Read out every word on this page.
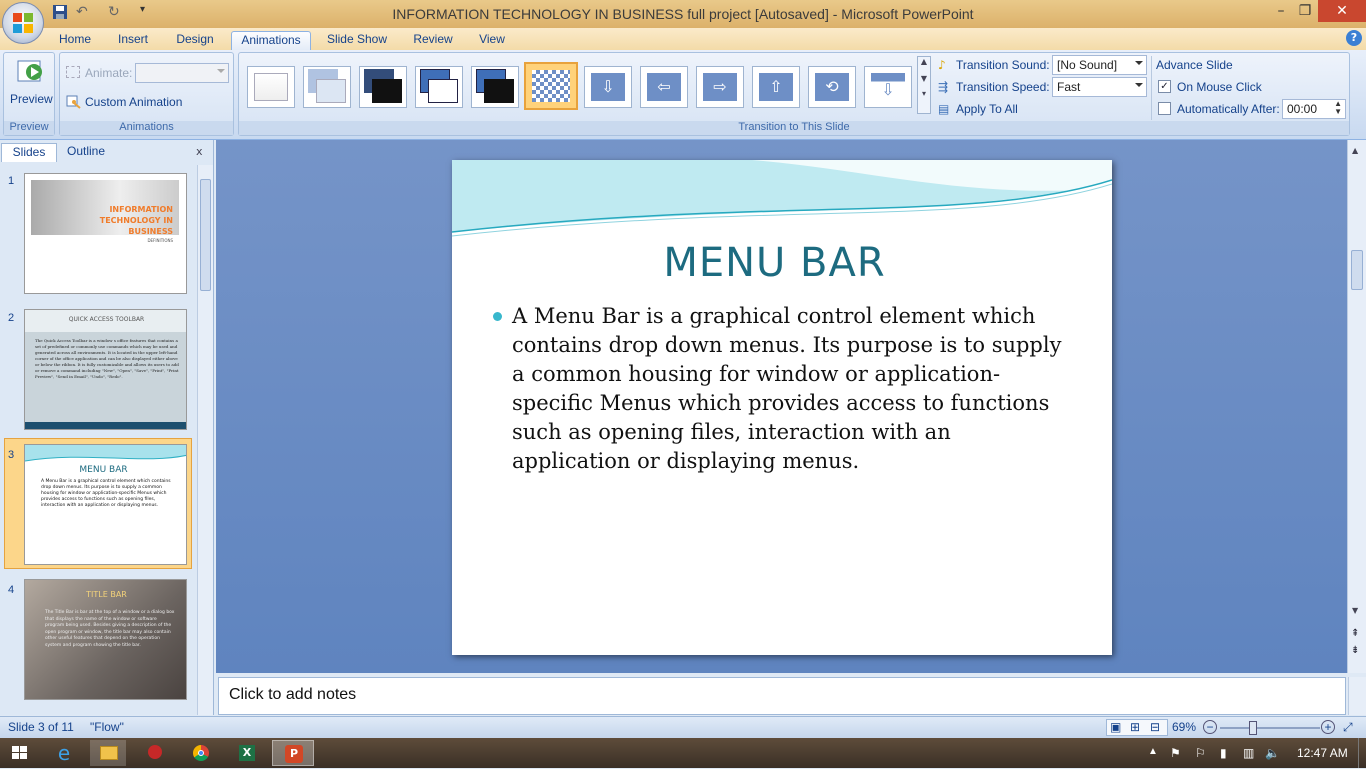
INFORMATION TECHNOLOGY IN BUSINESS full project [Autosaved] - Microsoft PowerPoint
↶	↻	▾	–	❐	✕
Home	Insert	Design	Animations	Slide Show	Review	View	?
Preview
Preview
Animations
Animate:
Custom Animation
Transition to This Slide
⇩	⇦	⇨	⇧	⟲	⇩
▲
▼
▾
♪ Transition Sound: [No Sound]
⇶ Transition Speed: Fast
▤ Apply To All
Advance Slide
✓ On Mouse Click
Automatically After: 00:00 ▲
▼
Slides	Outline	x
1
INFORMATION TECHNOLOGY IN BUSINESS
DEFINITIONS
2	QUICK ACCESS TOOLBAR
The Quick Access Toolbar is a window s office features that contains a set of predefined or commonly use commands which may be used and generated across all environments. It is located in the upper left-hand corner of the office application and can be also displayed either above or below the ribbon. It is fully customizable and allows its users to add or remove a command including "New", "Open", "Save", "Print", "Print Preview", "Send in Email", "Undo", "Redo".
3
MENU BAR
A Menu Bar is a graphical control element which contains drop down menus. Its purpose is to supply a common housing for window or application-specific Menus which provides access to functions such as opening files, interaction with an application or displaying menus.
4	TITLE BAR
The Title Bar is bar at the top of a window or a dialog box that displays the name of the window or software program being used. Besides giving a description of the open program or window, the title bar may also contain other useful features that depend on the operation system and program showing the title bar.
MENU BAR
A Menu Bar is a graphical control element which contains drop down menus. Its purpose is to supply a common housing for window or application-specific Menus which provides access to functions such as opening files, interaction with an application or displaying menus.
▲
▼
⇞
⇟
Click to add notes
Slide 3 of 11 "Flow"	▣ ⊞ ⊟ 69% −	+ ⤢
e	X	P	▲ ⚑ ⚐ ▮ ▥ 🔈 12:47 AM
